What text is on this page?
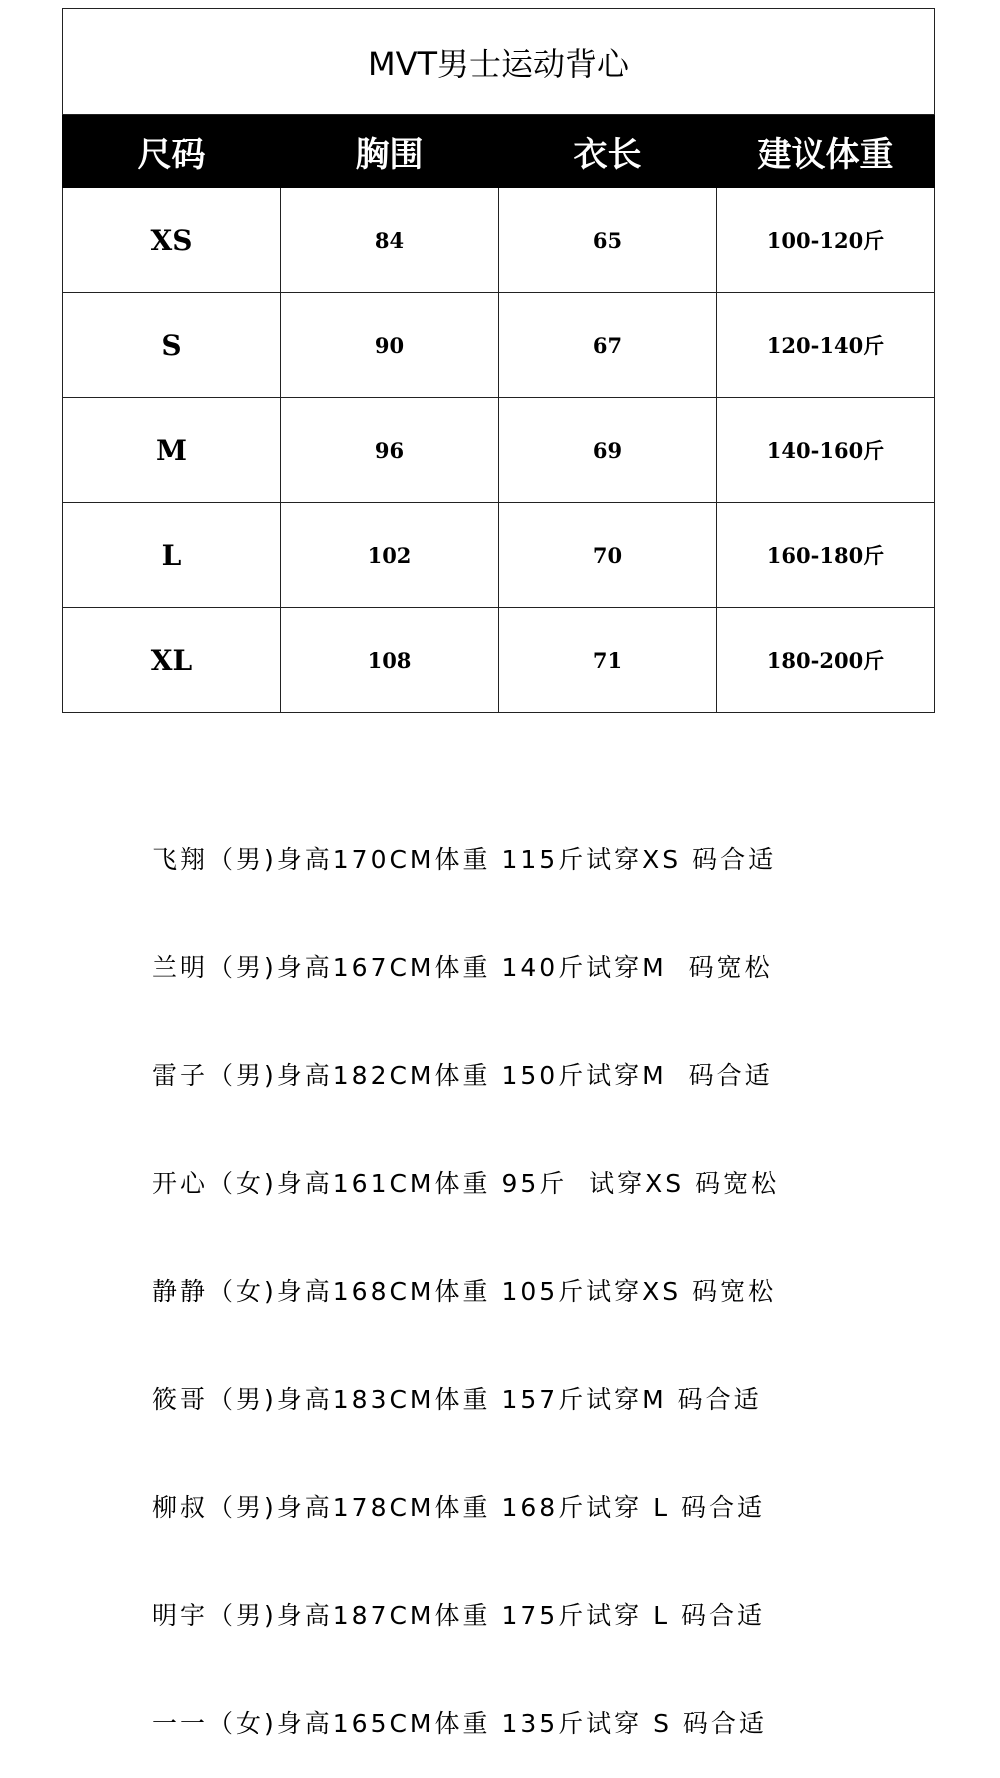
MVT男士运动背心			
尺码	胸围	衣长	建议体重
XS	84	65	100-120斤
S	90	67	120-140斤
M	96	69	140-160斤
L	102	70	160-180斤
XL	108	71	180-200斤

飞翔（男)身高170CM体重 115斤试穿XS 码合适

兰明（男)身高167CM体重 140斤试穿M  码宽松

雷子（男)身高182CM体重 150斤试穿M  码合适

开心（女)身高161CM体重 95斤  试穿XS 码宽松

静静（女)身高168CM体重 105斤试穿XS 码宽松

筱哥（男)身高183CM体重 157斤试穿M 码合适

柳叔（男)身高178CM体重 168斤试穿 L 码合适

明宇（男)身高187CM体重 175斤试穿 L 码合适

一一（女)身高165CM体重 135斤试穿 S 码合适
